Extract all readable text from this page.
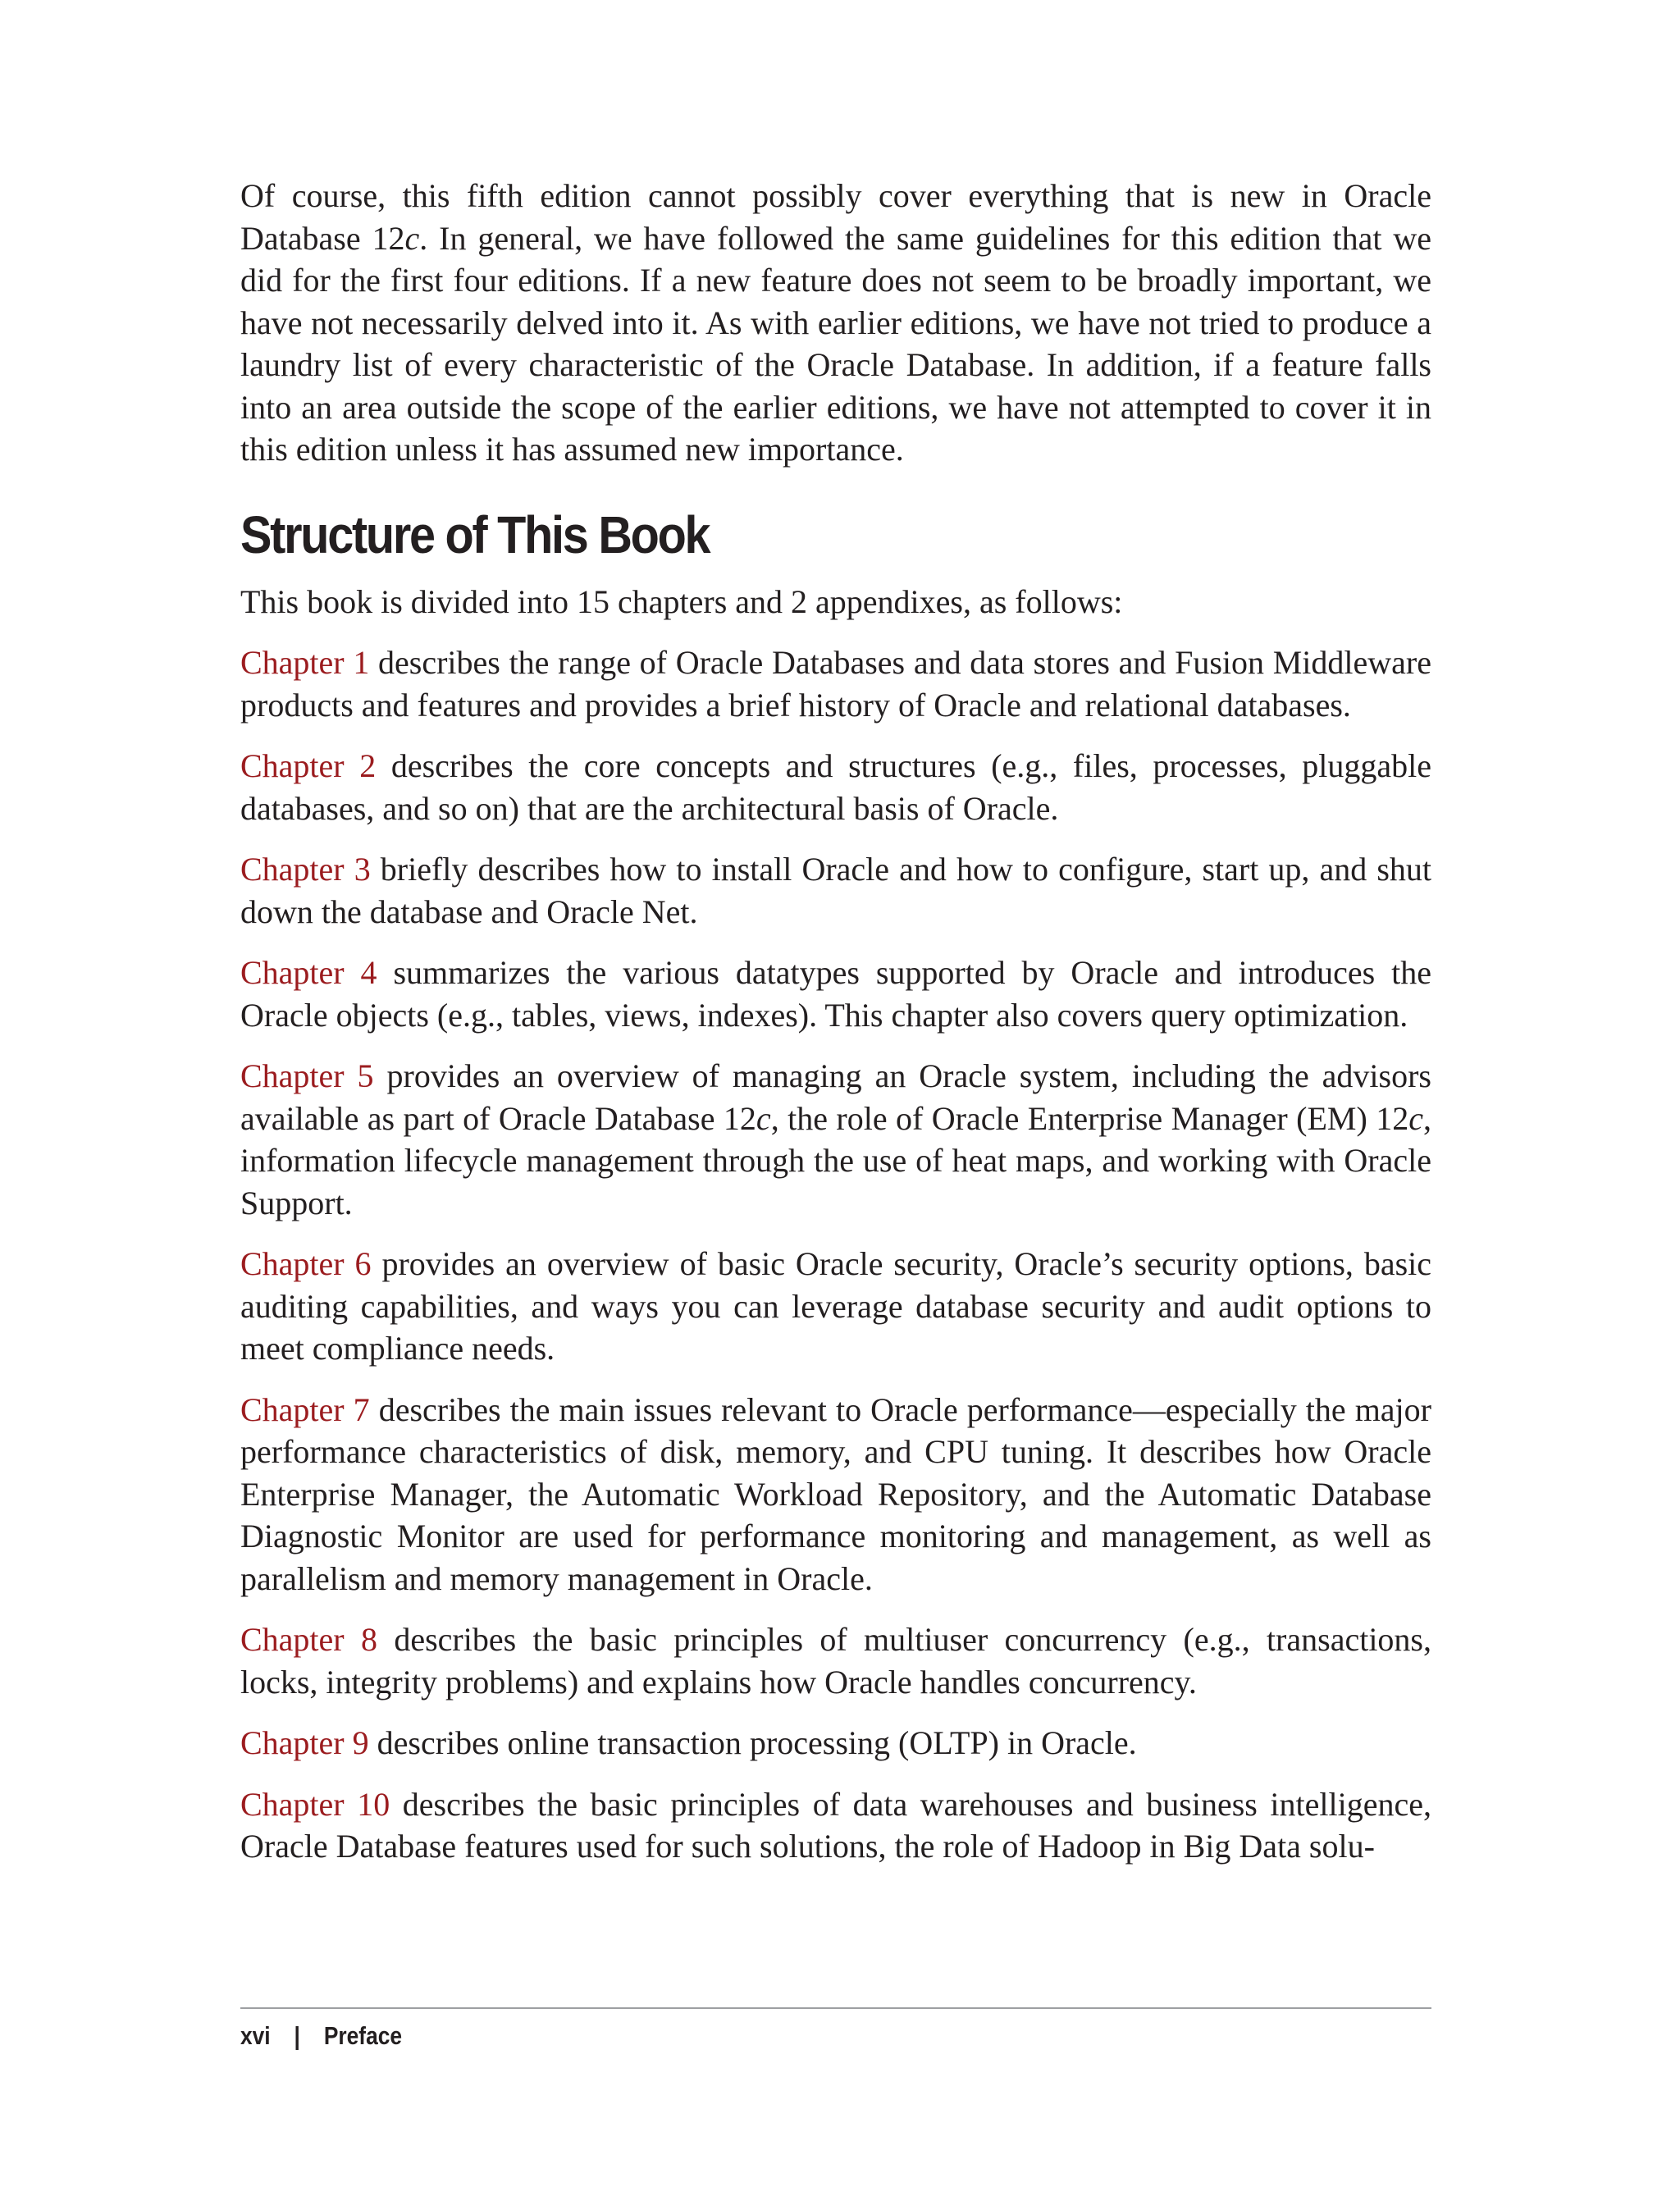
Of course, this fifth edition cannot possibly cover everything that is new in Oracle Database 12c. In general, we have followed the same guidelines for this edition that we did for the first four editions. If a new feature does not seem to be broadly important, we have not necessarily delved into it. As with earlier editions, we have not tried to produce a laundry list of every characteristic of the Oracle Database. In addition, if a feature falls into an area outside the scope of the earlier editions, we have not attempted to cover it in this edition unless it has assumed new importance.

Structure of This Book

This book is divided into 15 chapters and 2 appendixes, as follows:

Chapter 1 describes the range of Oracle Databases and data stores and Fusion Middleware products and features and provides a brief history of Oracle and relational databases.

Chapter 2 describes the core concepts and structures (e.g., files, processes, pluggable databases, and so on) that are the architectural basis of Oracle.

Chapter 3 briefly describes how to install Oracle and how to configure, start up, and shut down the database and Oracle Net.

Chapter 4 summarizes the various datatypes supported by Oracle and introduces the Oracle objects (e.g., tables, views, indexes). This chapter also covers query optimization.

Chapter 5 provides an overview of managing an Oracle system, including the advisors available as part of Oracle Database 12c, the role of Oracle Enterprise Manager (EM) 12c, information lifecycle management through the use of heat maps, and working with Oracle Support.

Chapter 6 provides an overview of basic Oracle security, Oracle’s security options, basic auditing capabilities, and ways you can leverage database security and audit options to meet compliance needs.

Chapter 7 describes the main issues relevant to Oracle performance—especially the major performance characteristics of disk, memory, and CPU tuning. It describes how Oracle Enterprise Manager, the Automatic Workload Repository, and the Automatic Database Diagnostic Monitor are used for performance monitoring and management, as well as parallelism and memory management in Oracle.

Chapter 8 describes the basic principles of multiuser concurrency (e.g., transactions, locks, integrity problems) and explains how Oracle handles concurrency.

Chapter 9 describes online transaction processing (OLTP) in Oracle.

Chapter 10 describes the basic principles of data warehouses and business intelligence, Oracle Database features used for such solutions, the role of Hadoop in Big Data solu-

xvi | Preface
